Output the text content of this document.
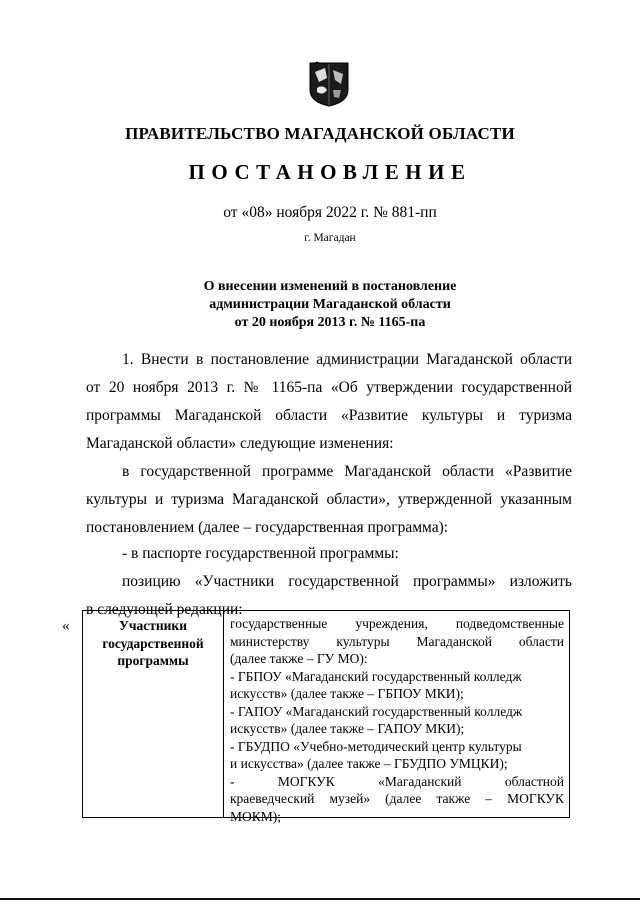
ПРАВИТЕЛЬСТВО МАГАДАНСКОЙ ОБЛАСТИ
ПОСТАНОВЛЕНИЕ
от «08» ноября 2022 г. № 881-пп
г. Магадан
О внесении изменений в постановление
администрации Магаданской области
от 20 ноября 2013 г. № 1165-па
1. Внести в постановление администрации Магаданской области
от 20 ноября 2013 г. № 1165-па «Об утверждении государственной
программы Магаданской области «Развитие культуры и туризма
Магаданской области» следующие изменения:
в государственной программе Магаданской области «Развитие
культуры и туризма Магаданской области», утвержденной указанным
постановлением (далее – государственная программа):
- в паспорте государственной программы:
позицию «Участники государственной программы» изложить
в следующей редакции:
«	Участники государственной программы
государственные учреждения, подведомственные
министерству культуры Магаданской области
(далее также – ГУ МО):
- ГБПОУ «Магаданский государственный колледж
искусств» (далее также – ГБПОУ МКИ);
- ГАПОУ «Магаданский государственный колледж
искусств» (далее также – ГАПОУ МКИ);
- ГБУДПО «Учебно-методический центр культуры
и искусства» (далее также – ГБУДПО УМЦКИ);
- МОГКУК «Магаданский областной
краеведческий музей» (далее также – МОГКУК
МОКМ);
